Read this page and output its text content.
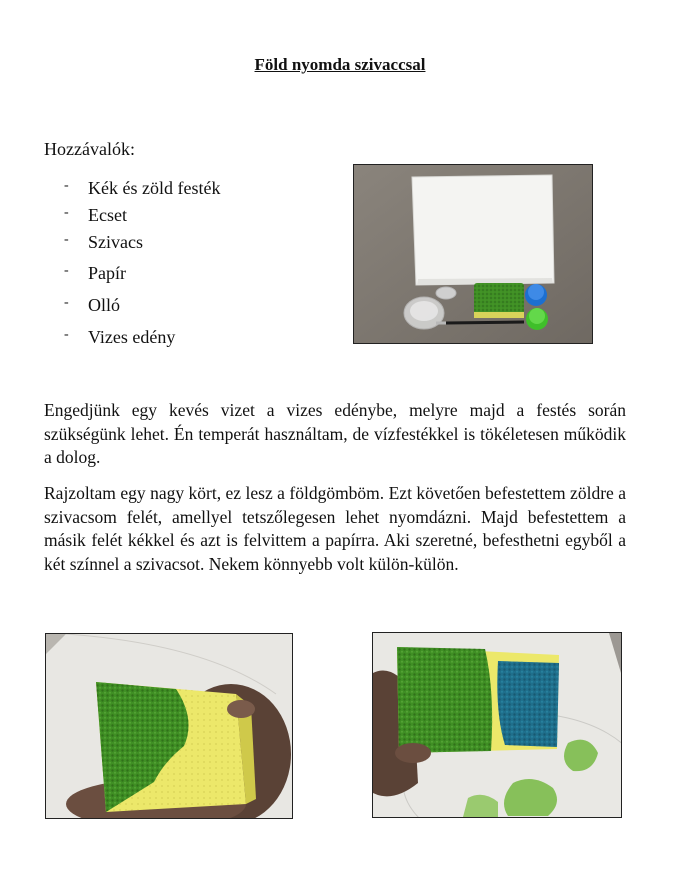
Föld nyomda szivaccsal
Hozzávalók:
- Kék és zöld festék
- Ecset
- Szivacs
- Papír
- Olló
- Vizes edény

Engedjünk egy kevés vizet a vizes edénybe, melyre majd a festés során szükségünk lehet. Én temperát használtam, de vízfestékkel is tökéletesen működik a dolog.

Rajzoltam egy nagy kört, ez lesz a földgömböm. Ezt követően befestettem zöldre a szivacsom felét, amellyel tetszőlegesen lehet nyomdázni. Majd befestettem a másik felét kékkel és azt is felvittem a papírra. Aki szeretné, befesthetni egyből a két színnel a szivacsot. Nekem könnyebb volt külön-külön.
